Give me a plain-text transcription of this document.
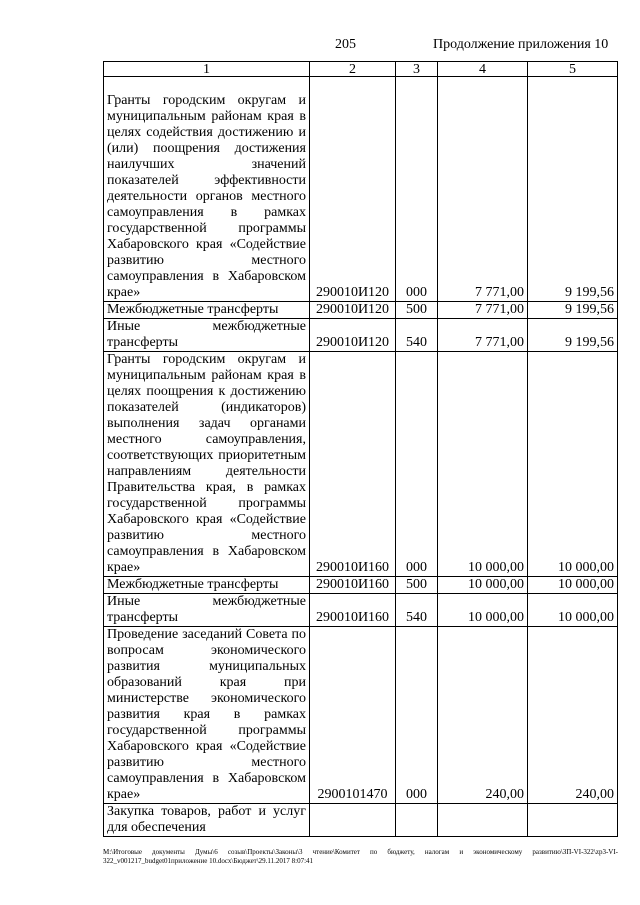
205	Продолжение приложения 10
1	2	3	4	5
Гранты городским округам и муниципальным районам края в целях содействия достижению и (или) поощрения достижения наилучших значений показателей эффективности деятельности органов местного самоуправления в рамках государственной программы Хабаровского края «Содействие развитию местного самоуправления в Хабаровском крае»	290010И120	000	7 771,00	9 199,56
Межбюджетные трансферты	290010И120	500	7 771,00	9 199,56
Иные межбюджетные трансферты	290010И120	540	7 771,00	9 199,56
Гранты городским округам и муниципальным районам края в целях поощрения к достижению показателей (индикаторов) выполнения задач органами местного самоуправления, соответствующих приоритетным направлениям деятельности Правительства края, в рамках государственной программы Хабаровского края «Содействие развитию местного самоуправления в Хабаровском крае»	290010И160	000	10 000,00	10 000,00
Межбюджетные трансферты	290010И160	500	10 000,00	10 000,00
Иные межбюджетные трансферты	290010И160	540	10 000,00	10 000,00
Проведение заседаний Совета по вопросам экономического развития муниципальных образований края при министерстве экономического развития края в рамках государственной программы Хабаровского края «Содействие развитию местного самоуправления в Хабаровском крае»	2900101470	000	240,00	240,00
Закупка товаров, работ и услуг для обеспечения				
M:\Итоговые документы Думы\6 созыв\Проекты\Законы\3 чтение\Комитет по бюджету, налогам и экономическому развитию\ЗП-VI-322\zp3-VI-322_v001217_budget01приложение 10.docx\Бюджет\29.11.2017 8:07:41
